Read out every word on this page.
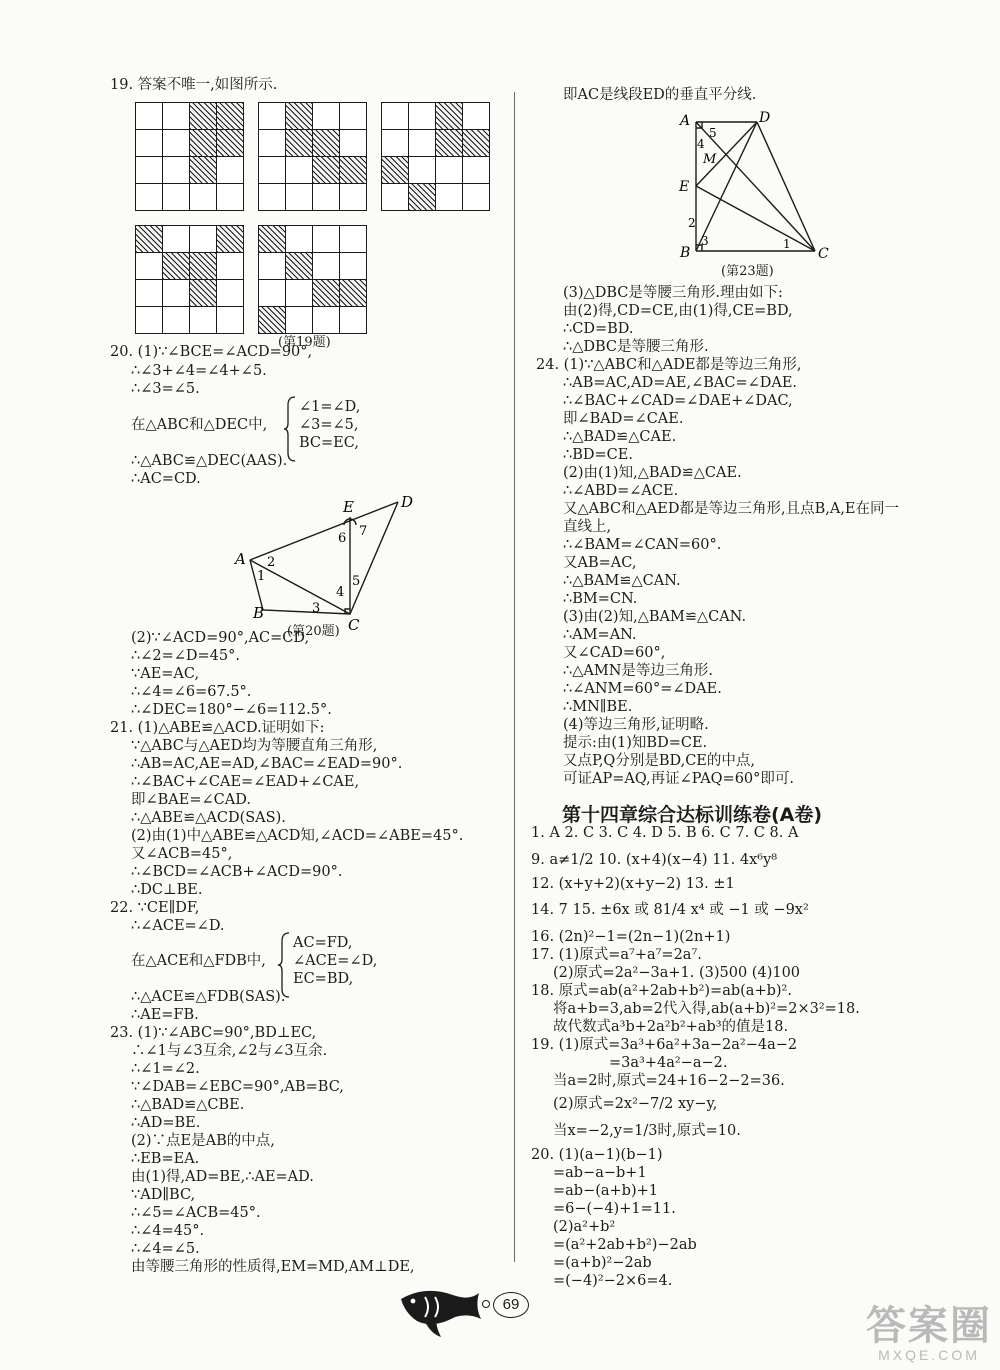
19. 答案不唯一,如图所示.
20. (1)∵∠BCE=∠ACD=90°,
∴∠3+∠4=∠4+∠5.
∴∠3=∠5.
在△ABC和△DEC中,
∠1=∠D,
∠3=∠5,
BC=EC,
∴△ABC≌△DEC(AAS).
∴AC=CD.
(2)∵∠ACD=90°,AC=CD,
∴∠2=∠D=45°.
∵AE=AC,
∴∠4=∠6=67.5°.
∴∠DEC=180°−∠6=112.5°.
21. (1)△ABE≌△ACD.证明如下:
∵△ABC与△AED均为等腰直角三角形,
∴AB=AC,AE=AD,∠BAC=∠EAD=90°.
∴∠BAC+∠CAE=∠EAD+∠CAE,
即∠BAE=∠CAD.
∴△ABE≌△ACD(SAS).
(2)由(1)中△ABE≌△ACD知,∠ACD=∠ABE=45°.
又∠ACB=45°,
∴∠BCD=∠ACB+∠ACD=90°.
∴DC⊥BE.
22. ∵CE∥DF,
∴∠ACE=∠D.
在△ACE和△FDB中,
AC=FD,
∠ACE=∠D,
EC=BD,
∴△ACE≌△FDB(SAS).
∴AE=FB.
23. (1)∵∠ABC=90°,BD⊥EC,
∴∠1与∠3互余,∠2与∠3互余.
∴∠1=∠2.
∵∠DAB=∠EBC=90°,AB=BC,
∴△BAD≌△CBE.
∴AD=BE.
(2)∵点E是AB的中点,
∴EB=EA.
由(1)得,AD=BE,∴AE=AD.
∵AD∥BC,
∴∠5=∠ACB=45°.
∴∠4=45°.
∴∠4=∠5.
由等腰三角形的性质得,EM=MD,AM⊥DE,
即AC是线段ED的垂直平分线.
(3)△DBC是等腰三角形.理由如下:
由(2)得,CD=CE,由(1)得,CE=BD,
∴CD=BD.
∴△DBC是等腰三角形.
24. (1)∵△ABC和△ADE都是等边三角形,
∴AB=AC,AD=AE,∠BAC=∠DAE.
∴∠BAC+∠CAD=∠DAE+∠DAC,
即∠BAD=∠CAE.
∴△BAD≌△CAE.
∴BD=CE.
(2)由(1)知,△BAD≌△CAE.
∴∠ABD=∠ACE.
又△ABC和△AED都是等边三角形,且点B,A,E在同一
直线上,
∴∠BAM=∠CAN=60°.
又AB=AC,
∴△BAM≌△CAN.
∴BM=CN.
(3)由(2)知,△BAM≌△CAN.
∴AM=AN.
又∠CAD=60°,
∴△AMN是等边三角形.
∴∠ANM=60°=∠DAE.
∴MN∥BE.
(4)等边三角形,证明略.
提示:由(1)知BD=CE.
又点P,Q分别是BD,CE的中点,
可证AP=AQ,再证∠PAQ=60°即可.
1. A 2. C 3. C 4. D 5. B 6. C 7. C 8. A
9. a≠1/2 10. (x+4)(x−4) 11. 4x⁶y⁸
12. (x+y+2)(x+y−2) 13. ±1
14. 7 15. ±6x 或 81/4 x⁴ 或 −1 或 −9x²
16. (2n)²−1=(2n−1)(2n+1)
17. (1)原式=a⁷+a⁷=2a⁷.
(2)原式=2a²−3a+1. (3)500 (4)100
18. 原式=ab(a²+2ab+b²)=ab(a+b)².
将a+b=3,ab=2代入得,ab(a+b)²=2×3²=18.
故代数式a³b+2a²b²+ab³的值是18.
19. (1)原式=3a³+6a²+3a−2a²−4a−2
=3a³+4a²−a−2.
当a=2时,原式=24+16−2−2=36.
(2)原式=2x²−7/2 xy−y,
当x=−2,y=1/3时,原式=10.
20. (1)(a−1)(b−1)
=ab−a−b+1
=ab−(a+b)+1
=6−(−4)+1=11.
(2)a²+b²
=(a²+2ab+b²)−2ab
=(a+b)²−2ab
=(−4)²−2×6=4.
(第19题)
A
B
C
D
E
1
2
3
4
5
6 7
(第20题)
A
B	C
D
E
M
1
2
3
4
5
(第23题)
第十四章综合达标训练卷(A卷)
69	答案圈
MXQE.COM
